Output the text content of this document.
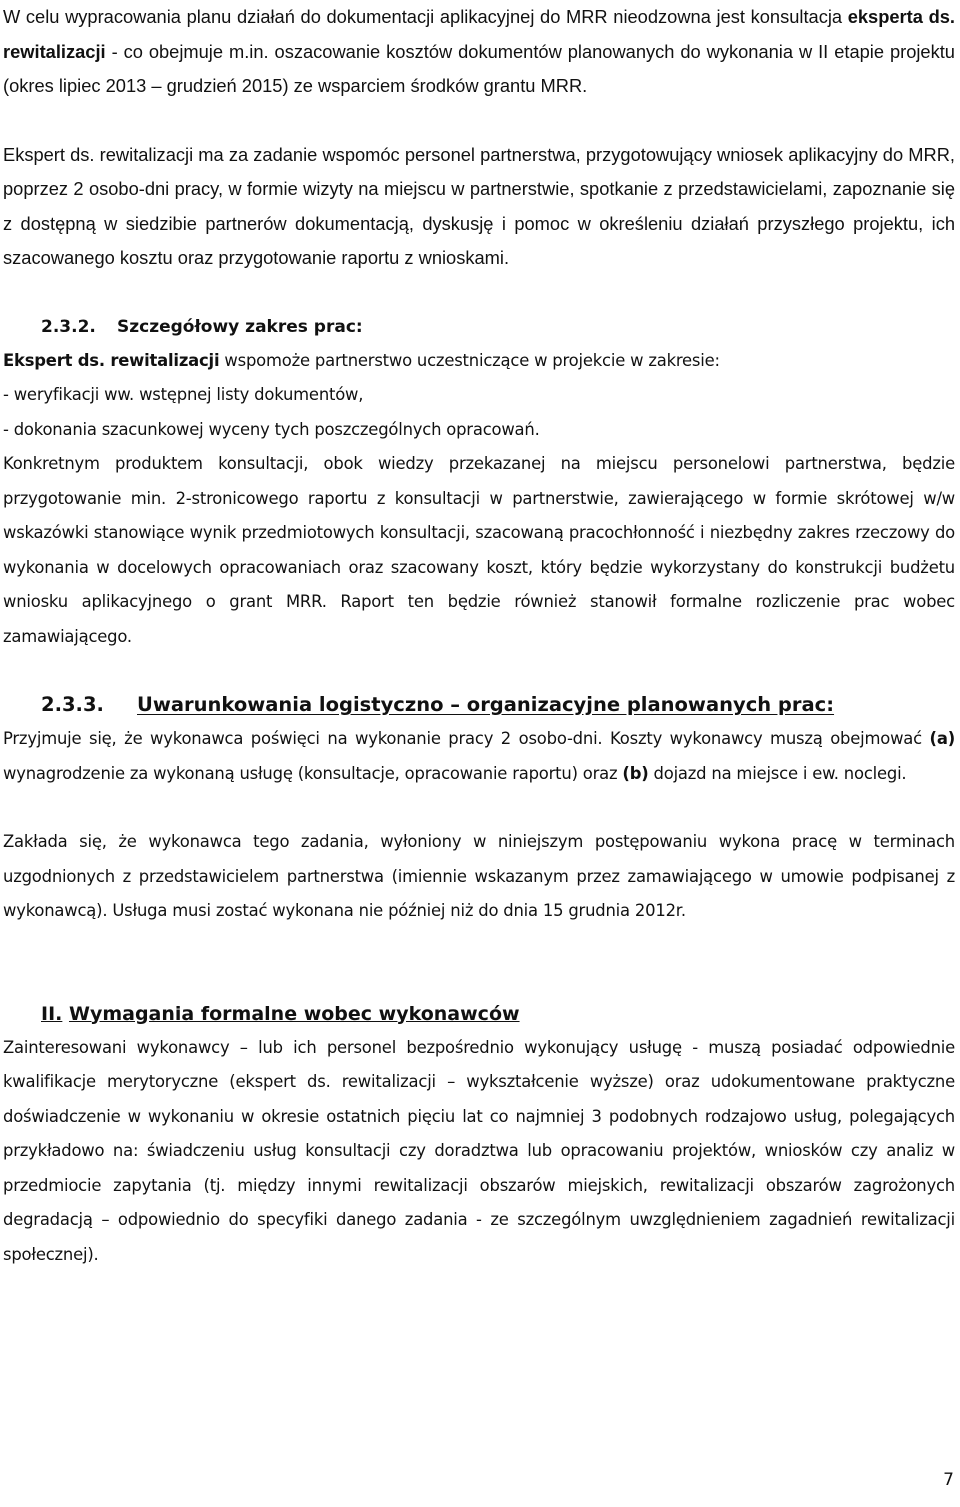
W celu wypracowania planu działań do dokumentacji aplikacyjnej do MRR nieodzowna jest konsultacja eksperta ds. rewitalizacji - co obejmuje m.in. oszacowanie kosztów dokumentów planowanych do wykonania w II etapie projektu (okres lipiec 2013 – grudzień 2015) ze wsparciem środków grantu MRR.

Ekspert ds. rewitalizacji ma za zadanie wspomóc personel partnerstwa, przygotowujący wniosek aplikacyjny do MRR, poprzez 2 osobo-dni pracy, w formie wizyty na miejscu w partnerstwie, spotkanie z przedstawicielami, zapoznanie się z dostępną w siedzibie partnerów dokumentacją, dyskusję i pomoc w określeniu działań przyszłego projektu, ich szacowanego kosztu oraz przygotowanie raportu z wnioskami.

2.3.2. Szczegółowy zakres prac:

Ekspert ds. rewitalizacji wspomoże partnerstwo uczestniczące w projekcie w zakresie:

- weryfikacji ww. wstępnej listy dokumentów,

- dokonania szacunkowej wyceny tych poszczególnych opracowań.

Konkretnym produktem konsultacji, obok wiedzy przekazanej na miejscu personelowi partnerstwa, będzie przygotowanie min. 2-stronicowego raportu z konsultacji w partnerstwie, zawierającego w formie skrótowej w/w wskazówki stanowiące wynik przedmiotowych konsultacji, szacowaną pracochłonność i niezbędny zakres rzeczowy do wykonania w docelowych opracowaniach oraz szacowany koszt, który będzie wykorzystany do konstrukcji budżetu wniosku aplikacyjnego o grant MRR. Raport ten będzie również stanowił formalne rozliczenie prac wobec zamawiającego.

2.3.3. Uwarunkowania logistyczno – organizacyjne planowanych prac:

Przyjmuje się, że wykonawca poświęci na wykonanie pracy 2 osobo-dni. Koszty wykonawcy muszą obejmować (a) wynagrodzenie za wykonaną usługę (konsultacje, opracowanie raportu) oraz (b) dojazd na miejsce i ew. noclegi.

Zakłada się, że wykonawca tego zadania, wyłoniony w niniejszym postępowaniu wykona pracę w terminach uzgodnionych z przedstawicielem partnerstwa (imiennie wskazanym przez zamawiającego w umowie podpisanej z wykonawcą). Usługa musi zostać wykonana nie później niż do dnia 15 grudnia 2012r.

II. Wymagania formalne wobec wykonawców

Zainteresowani wykonawcy – lub ich personel bezpośrednio wykonujący usługę - muszą posiadać odpowiednie kwalifikacje merytoryczne (ekspert ds. rewitalizacji – wykształcenie wyższe) oraz udokumentowane praktyczne doświadczenie w wykonaniu w okresie ostatnich pięciu lat co najmniej 3 podobnych rodzajowo usług, polegających przykładowo na: świadczeniu usług konsultacji czy doradztwa lub opracowaniu projektów, wniosków czy analiz w przedmiocie zapytania (tj. między innymi rewitalizacji obszarów miejskich, rewitalizacji obszarów zagrożonych degradacją – odpowiednio do specyfiki danego zadania - ze szczególnym uwzględnieniem zagadnień rewitalizacji społecznej).

7
